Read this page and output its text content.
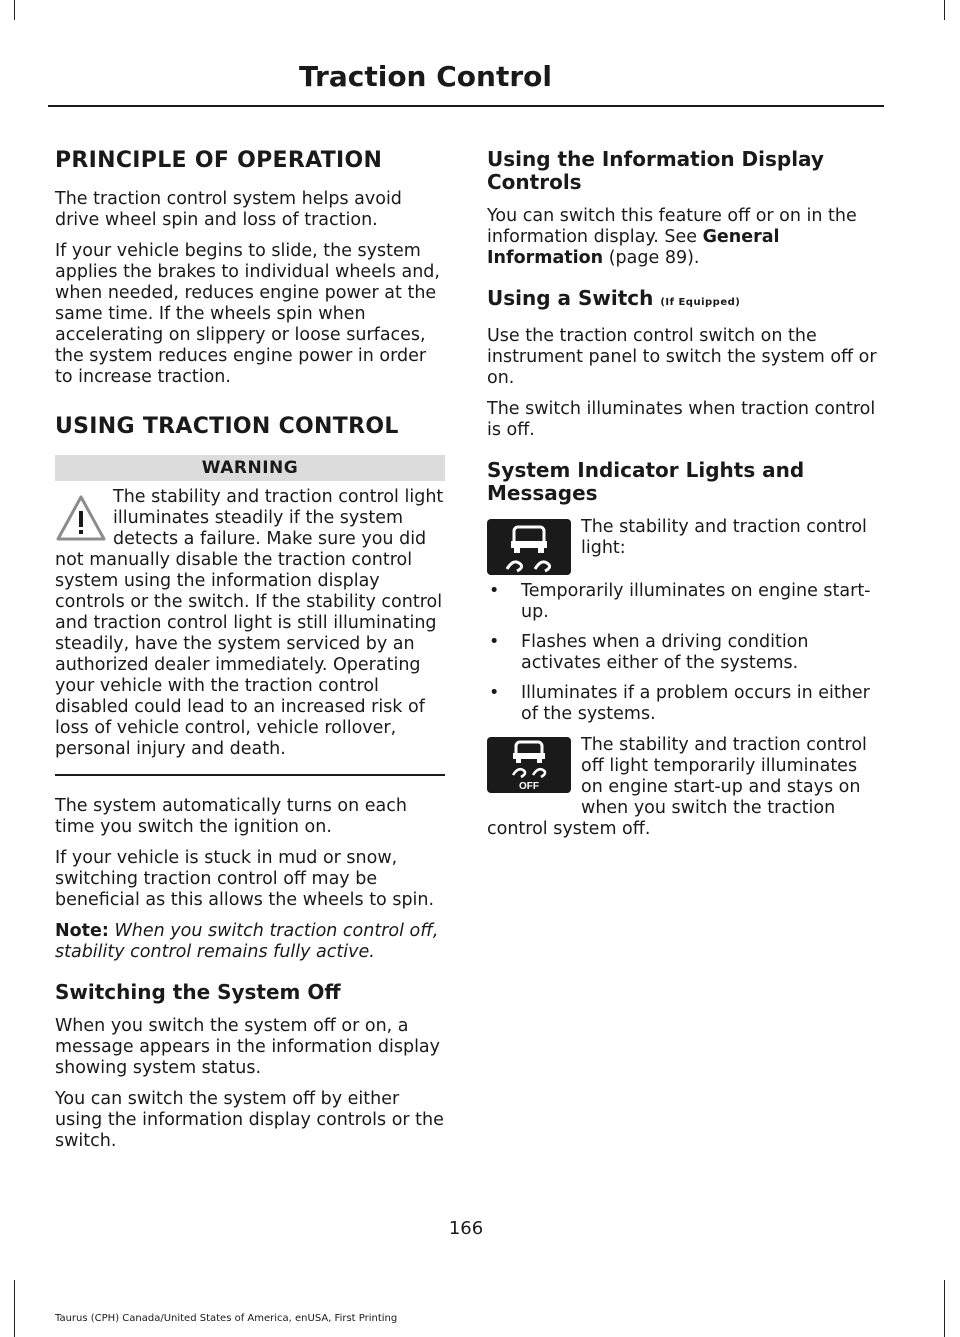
Traction Control
PRINCIPLE OF OPERATION

The traction control system helps avoid drive wheel spin and loss of traction.

If your vehicle begins to slide, the system applies the brakes to individual wheels and, when needed, reduces engine power at the same time. If the wheels spin when accelerating on slippery or loose surfaces, the system reduces engine power in order to increase traction.

USING TRACTION CONTROL
WARNING

The stability and traction control light illuminates steadily if the system detects a failure. Make sure you did not manually disable the traction control system using the information display controls or the switch. If the stability control and traction control light is still illuminating steadily, have the system serviced by an authorized dealer immediately. Operating your vehicle with the traction control disabled could lead to an increased risk of loss of vehicle control, vehicle rollover, personal injury and death.

The system automatically turns on each time you switch the ignition on.

If your vehicle is stuck in mud or snow, switching traction control off may be beneficial as this allows the wheels to spin.

Note: When you switch traction control off, stability control remains fully active.

Switching the System Off

When you switch the system off or on, a message appears in the information display showing system status.

You can switch the system off by either using the information display controls or the switch.

Using the Information Display Controls

You can switch this feature off or on in the information display. See General Information (page 89).

Using a Switch (If Equipped)

Use the traction control switch on the instrument panel to switch the system off or on.

The switch illuminates when traction control is off.

System Indicator Lights and Messages

The stability and traction control light:

• Temporarily illuminates on engine start-up.
• Flashes when a driving condition activates either of the systems.
• Illuminates if a problem occurs in either of the systems.
OFF

The stability and traction control off light temporarily illuminates on engine start-up and stays on when you switch the traction control system off.

166
Taurus (CPH) Canada/United States of America, enUSA, First Printing
